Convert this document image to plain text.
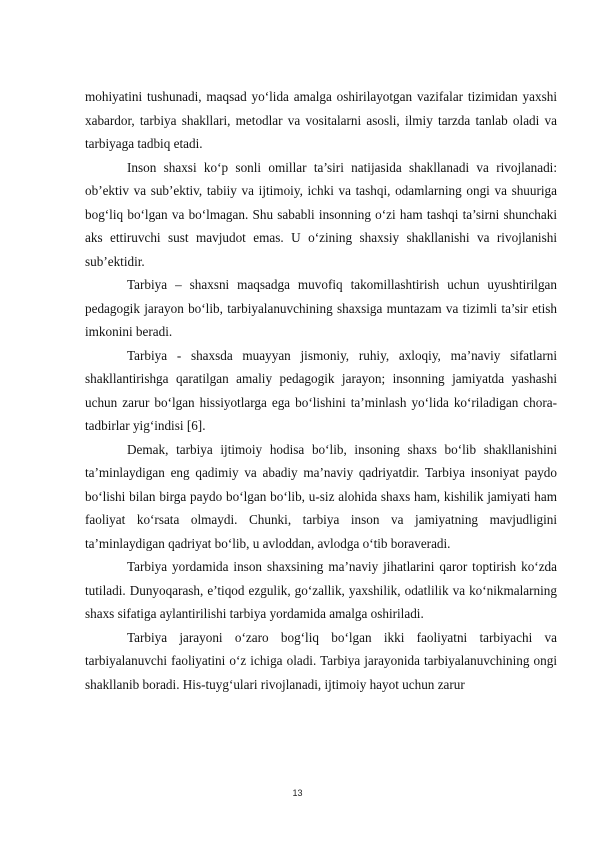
mohiyatini tushunadi, maqsad yoʻlida amalga oshirilayotgan vazifalar tizimidan yaxshi xabardor, tarbiya shakllari, metodlar va vositalarni asosli, ilmiy tarzda tanlab oladi va tarbiyaga tadbiq etadi.

Inson shaxsi koʻp sonli omillar ta’siri natijasida shakllanadi va rivojlanadi: ob’ektiv va sub’ektiv, tabiiy va ijtimoiy, ichki va tashqi, odamlarning ongi va shuuriga bogʻliq boʻlgan va boʻlmagan. Shu sababli insonning oʻzi ham tashqi ta’sirni shunchaki aks ettiruvchi sust mavjudot emas. U oʻzining shaxsiy shakllanishi va rivojlanishi sub’ektidir.

Tarbiya – shaxsni maqsadga muvofiq takomillashtirish uchun uyushtirilgan pedagogik jarayon boʻlib, tarbiyalanuvchining shaxsiga muntazam va tizimli ta’sir etish imkonini beradi.

Tarbiya - shaxsda muayyan jismoniy, ruhiy, axloqiy, ma’naviy sifatlarni shakllantirishga qaratilgan amaliy pedagogik jarayon; insonning jamiyatda yashashi uchun zarur boʻlgan hissiyotlarga ega boʻlishini ta’minlash yoʻlida koʻriladigan chora-tadbirlar yigʻindisi [6].

Demak, tarbiya ijtimoiy hodisa boʻlib, insoning shaxs boʻlib shakllanishini ta’minlaydigan eng qadimiy va abadiy ma’naviy qadriyatdir. Tarbiya insoniyat paydo boʻlishi bilan birga paydo boʻlgan boʻlib, u-siz alohida shaxs ham, kishilik jamiyati ham faoliyat koʻrsata olmaydi. Chunki, tarbiya inson va jamiyatning mavjudligini ta’minlaydigan qadriyat boʻlib, u avloddan, avlodga oʻtib boraveradi.

Tarbiya yordamida inson shaxsining ma’naviy jihatlarini qaror toptirish koʻzda tutiladi. Dunyoqarash, e’tiqod ezgulik, goʻzallik, yaxshilik, odatlilik va koʻnikmalarning shaxs sifatiga aylantirilishi tarbiya yordamida amalga oshiriladi.

Tarbiya jarayoni oʻzaro bogʻliq boʻlgan ikki faoliyatni tarbiyachi va tarbiyalanuvchi faoliyatini oʻz ichiga oladi. Tarbiya jarayonida tarbiyalanuvchining ongi shakllanib boradi. His-tuygʻulari rivojlanadi, ijtimoiy hayot uchun zarur

13
